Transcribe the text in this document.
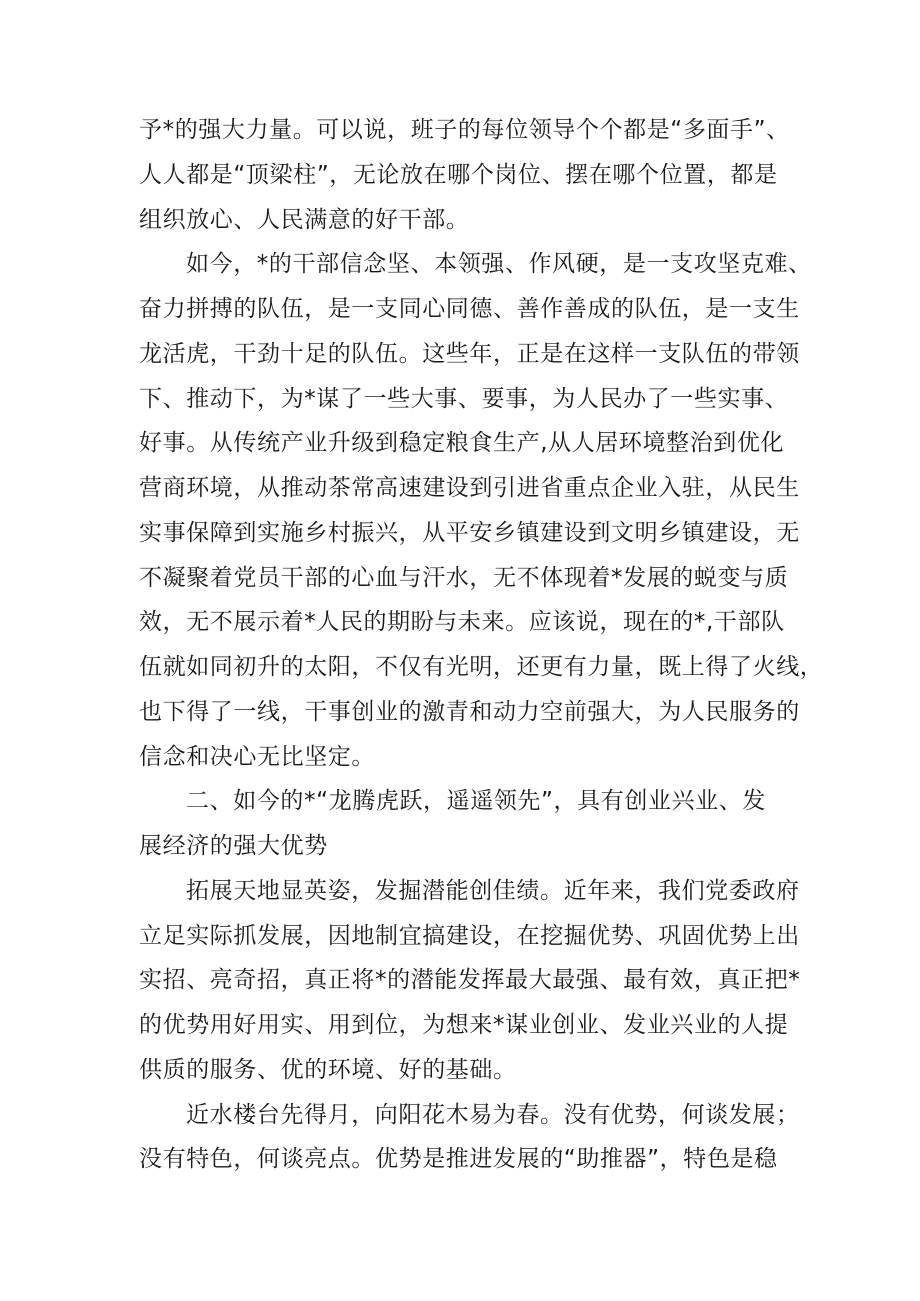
予*的强大力量。可以说，班子的每位领导个个都是“多面手”、
人人都是“顶梁柱”，无论放在哪个岗位、摆在哪个位置，都是
组织放心、人民满意的好干部。
如今，*的干部信念坚、本领强、作风硬，是一支攻坚克难、
奋力拼搏的队伍，是一支同心同德、善作善成的队伍，是一支生
龙活虎，干劲十足的队伍。这些年，正是在这样一支队伍的带领
下、推动下，为*谋了一些大事、要事，为人民办了一些实事、
好事。从传统产业升级到稳定粮食生产,从人居环境整治到优化
营商环境，从推动茶常高速建设到引进省重点企业入驻，从民生
实事保障到实施乡村振兴，从平安乡镇建设到文明乡镇建设，无
不凝聚着党员干部的心血与汗水，无不体现着*发展的蜕变与质
效，无不展示着*人民的期盼与未来。应该说，现在的*,干部队
伍就如同初升的太阳，不仅有光明，还更有力量，既上得了火线，
也下得了一线，干事创业的激青和动力空前强大，为人民服务的
信念和决心无比坚定。
二、如今的*“龙腾虎跃，遥遥领先”，具有创业兴业、发
展经济的强大优势
拓展天地显英姿，发掘潜能创佳绩。近年来，我们党委政府
立足实际抓发展，因地制宜搞建设，在挖掘优势、巩固优势上出
实招、亮奇招，真正将*的潜能发挥最大最强、最有效，真正把*
的优势用好用实、用到位，为想来*谋业创业、发业兴业的人提
供质的服务、优的环境、好的基础。
近水楼台先得月，向阳花木易为春。没有优势，何谈发展；
没有特色，何谈亮点。优势是推进发展的“助推器”，特色是稳
